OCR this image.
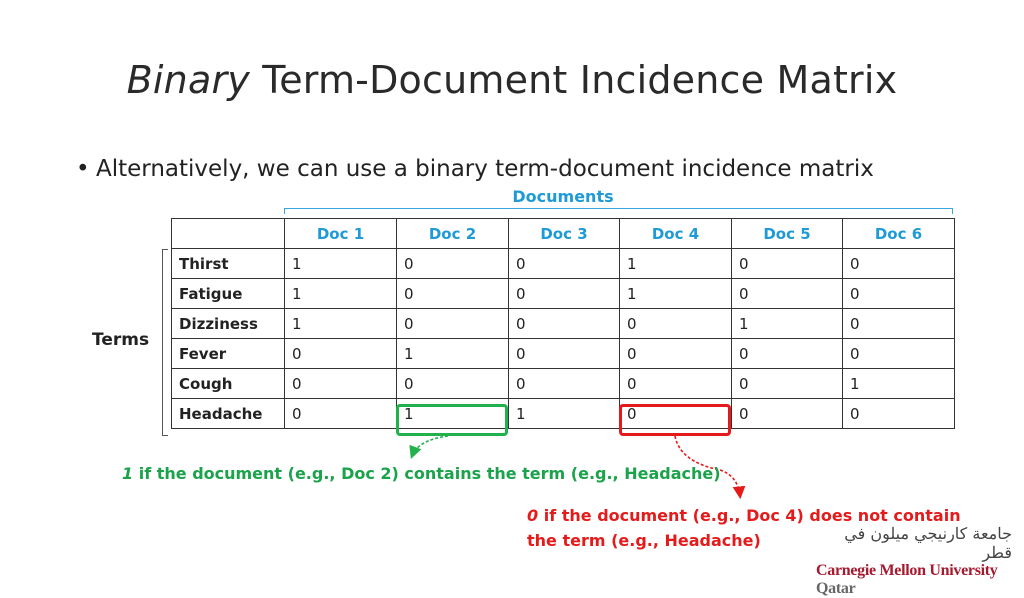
Binary Term-Document Incidence Matrix
• Alternatively, we can use a binary term-document incidence matrix
Documents
Terms
	Doc 1	Doc 2	Doc 3	Doc 4	Doc 5	Doc 6
Thirst	1	0	0	1	0	0
Fatigue	1	0	0	1	0	0
Dizziness	1	0	0	0	1	0
Fever	0	1	0	0	0	0
Cough	0	0	0	0	0	1
Headache	0	1	1	0	0	0
1 if the document (e.g., Doc 2) contains the term (e.g., Headache)
0 if the document (e.g., Doc 4) does not contain the term (e.g., Headache)	جامعة كارنيجي ميلون في قطر
Carnegie Mellon University Qatar
